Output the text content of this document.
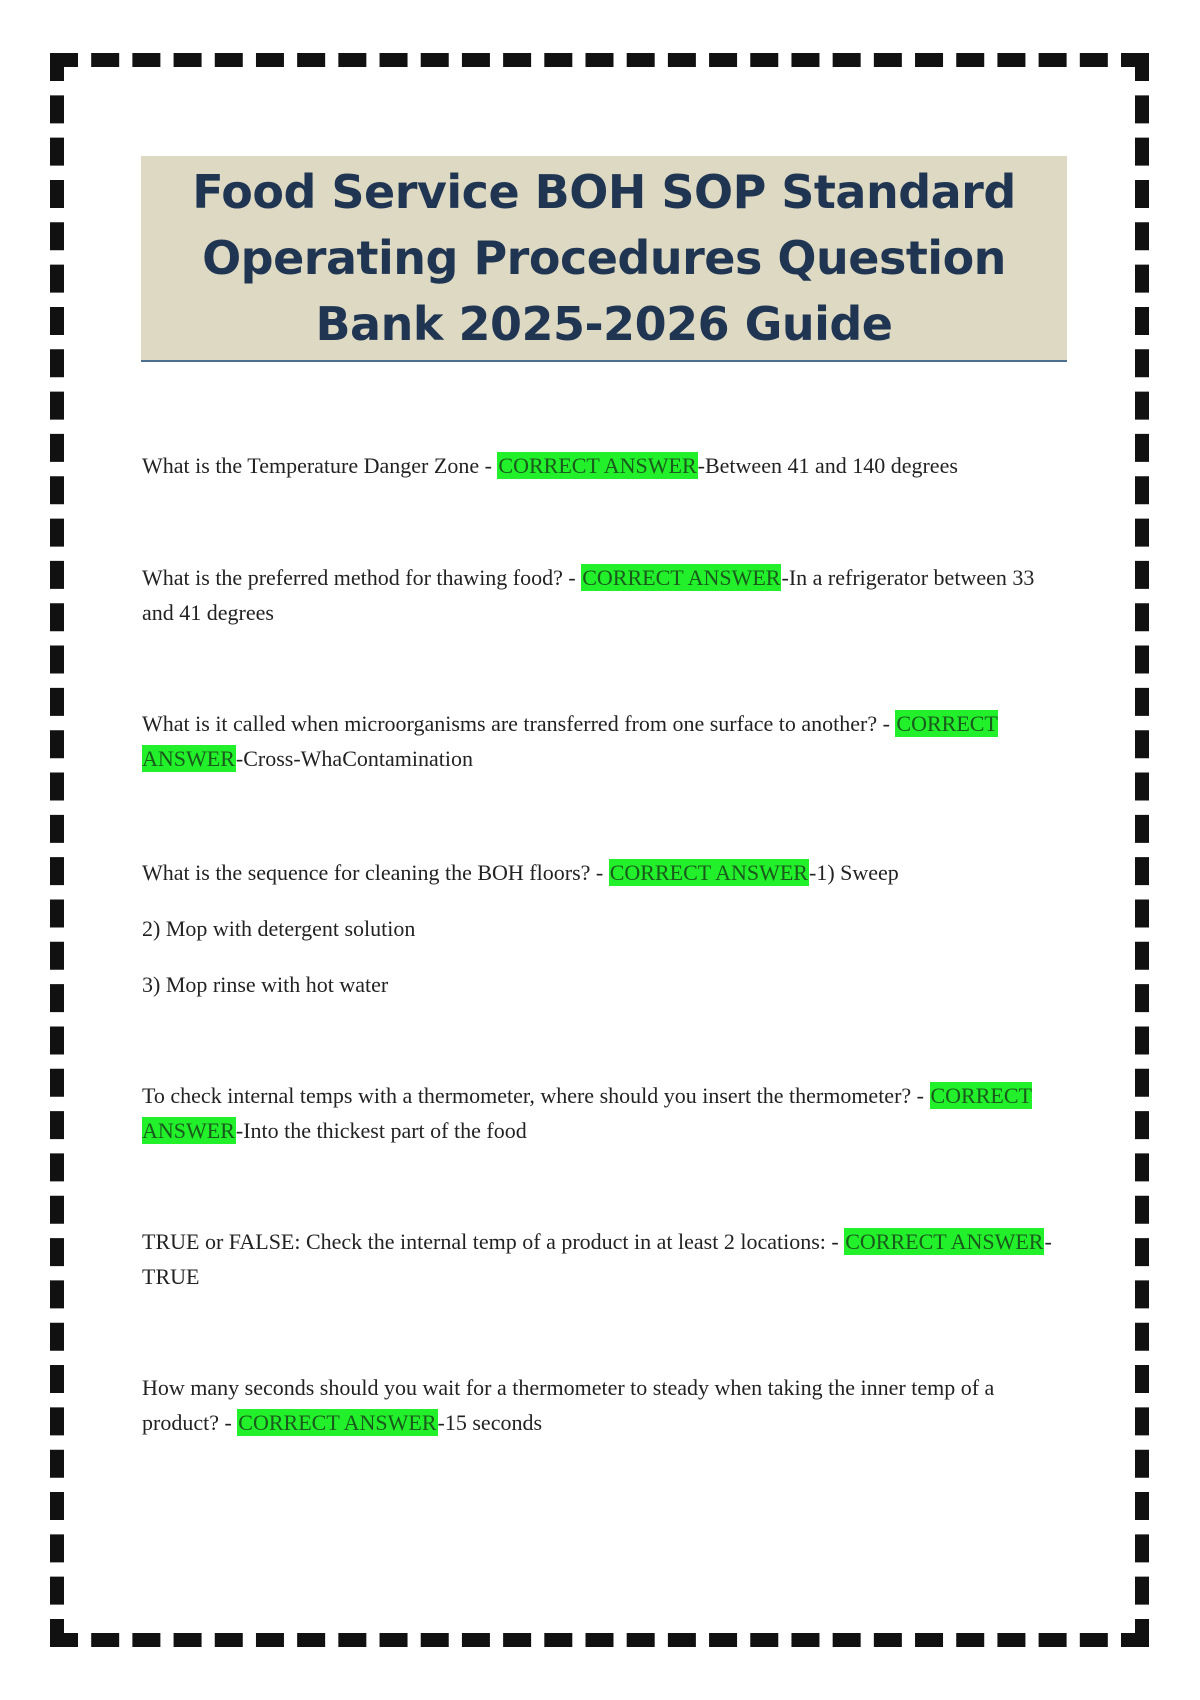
Food Service BOH SOP Standard Operating Procedures Question Bank 2025-2026 Guide

What is the Temperature Danger Zone - CORRECT ANSWER-Between 41 and 140 degrees

What is the preferred method for thawing food? - CORRECT ANSWER-In a refrigerator between 33 and 41 degrees

What is it called when microorganisms are transferred from one surface to another? - CORRECT ANSWER-Cross-WhaContamination

What is the sequence for cleaning the BOH floors? - CORRECT ANSWER-1) Sweep

2) Mop with detergent solution

3) Mop rinse with hot water

To check internal temps with a thermometer, where should you insert the thermometer? - CORRECT ANSWER-Into the thickest part of the food

TRUE or FALSE: Check the internal temp of a product in at least 2 locations: - CORRECT ANSWER-TRUE

How many seconds should you wait for a thermometer to steady when taking the inner temp of a product? - CORRECT ANSWER-15 seconds
